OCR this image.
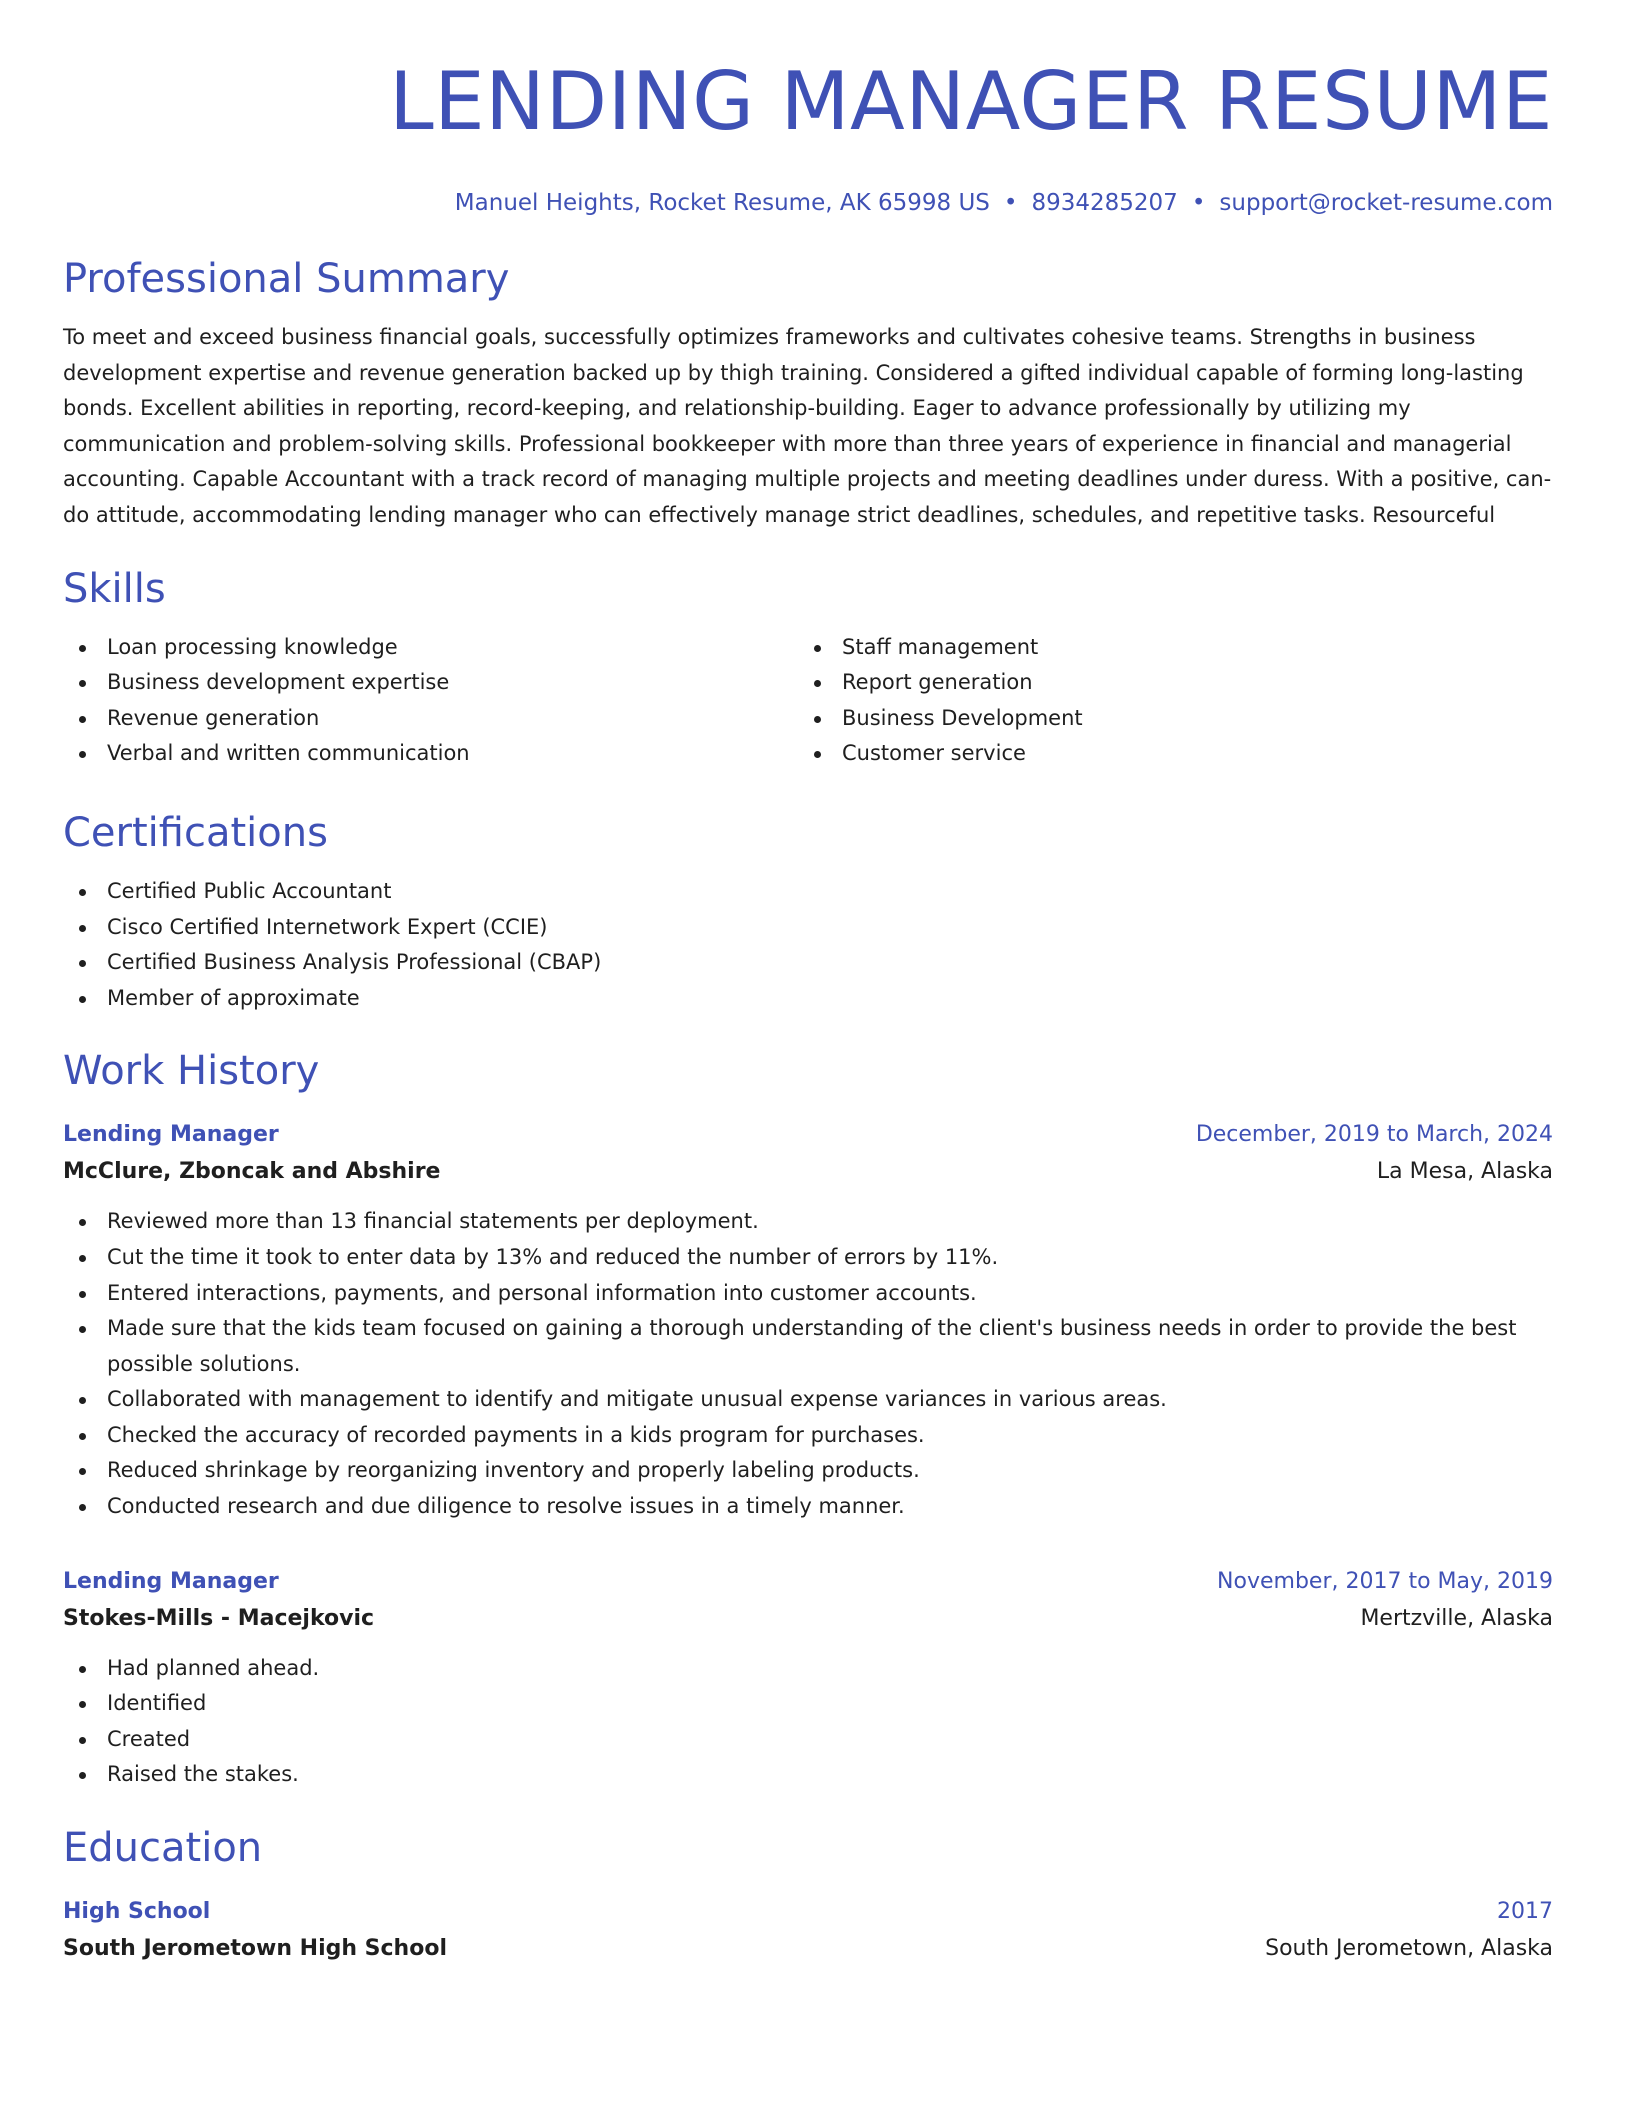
LENDING MANAGER RESUME
Manuel Heights, Rocket Resume, AK 65998 US • 8934285207 • support@rocket-resume.com
Professional Summary
To meet and exceed business financial goals, successfully optimizes frameworks and cultivates cohesive teams. Strengths in business development expertise and revenue generation backed up by thigh training. Considered a gifted individual capable of forming long-lasting bonds. Excellent abilities in reporting, record-keeping, and relationship-building. Eager to advance professionally by utilizing my communication and problem-solving skills. Professional bookkeeper with more than three years of experience in financial and managerial accounting. Capable Accountant with a track record of managing multiple projects and meeting deadlines under duress. With a positive, can-do attitude, accommodating lending manager who can effectively manage strict deadlines, schedules, and repetitive tasks. Resourceful
Skills
Loan processing knowledge
Business development expertise
Revenue generation
Verbal and written communication
Staff management
Report generation
Business Development
Customer service
Certifications
Certified Public Accountant
Cisco Certified Internetwork Expert (CCIE)
Certified Business Analysis Professional (CBAP)
Member of approximate
Work History
Lending Manager	December, 2019 to March, 2024
McClure, Zboncak and Abshire	La Mesa, Alaska
Reviewed more than 13 financial statements per deployment.
Cut the time it took to enter data by 13% and reduced the number of errors by 11%.
Entered interactions, payments, and personal information into customer accounts.
Made sure that the kids team focused on gaining a thorough understanding of the client's business needs in order to provide the best possible solutions.
Collaborated with management to identify and mitigate unusual expense variances in various areas.
Checked the accuracy of recorded payments in a kids program for purchases.
Reduced shrinkage by reorganizing inventory and properly labeling products.
Conducted research and due diligence to resolve issues in a timely manner.
Lending Manager	November, 2017 to May, 2019
Stokes-Mills - Macejkovic	Mertzville, Alaska
Had planned ahead.
Identified
Created
Raised the stakes.
Education
High School	2017
South Jerometown High School	South Jerometown, Alaska
